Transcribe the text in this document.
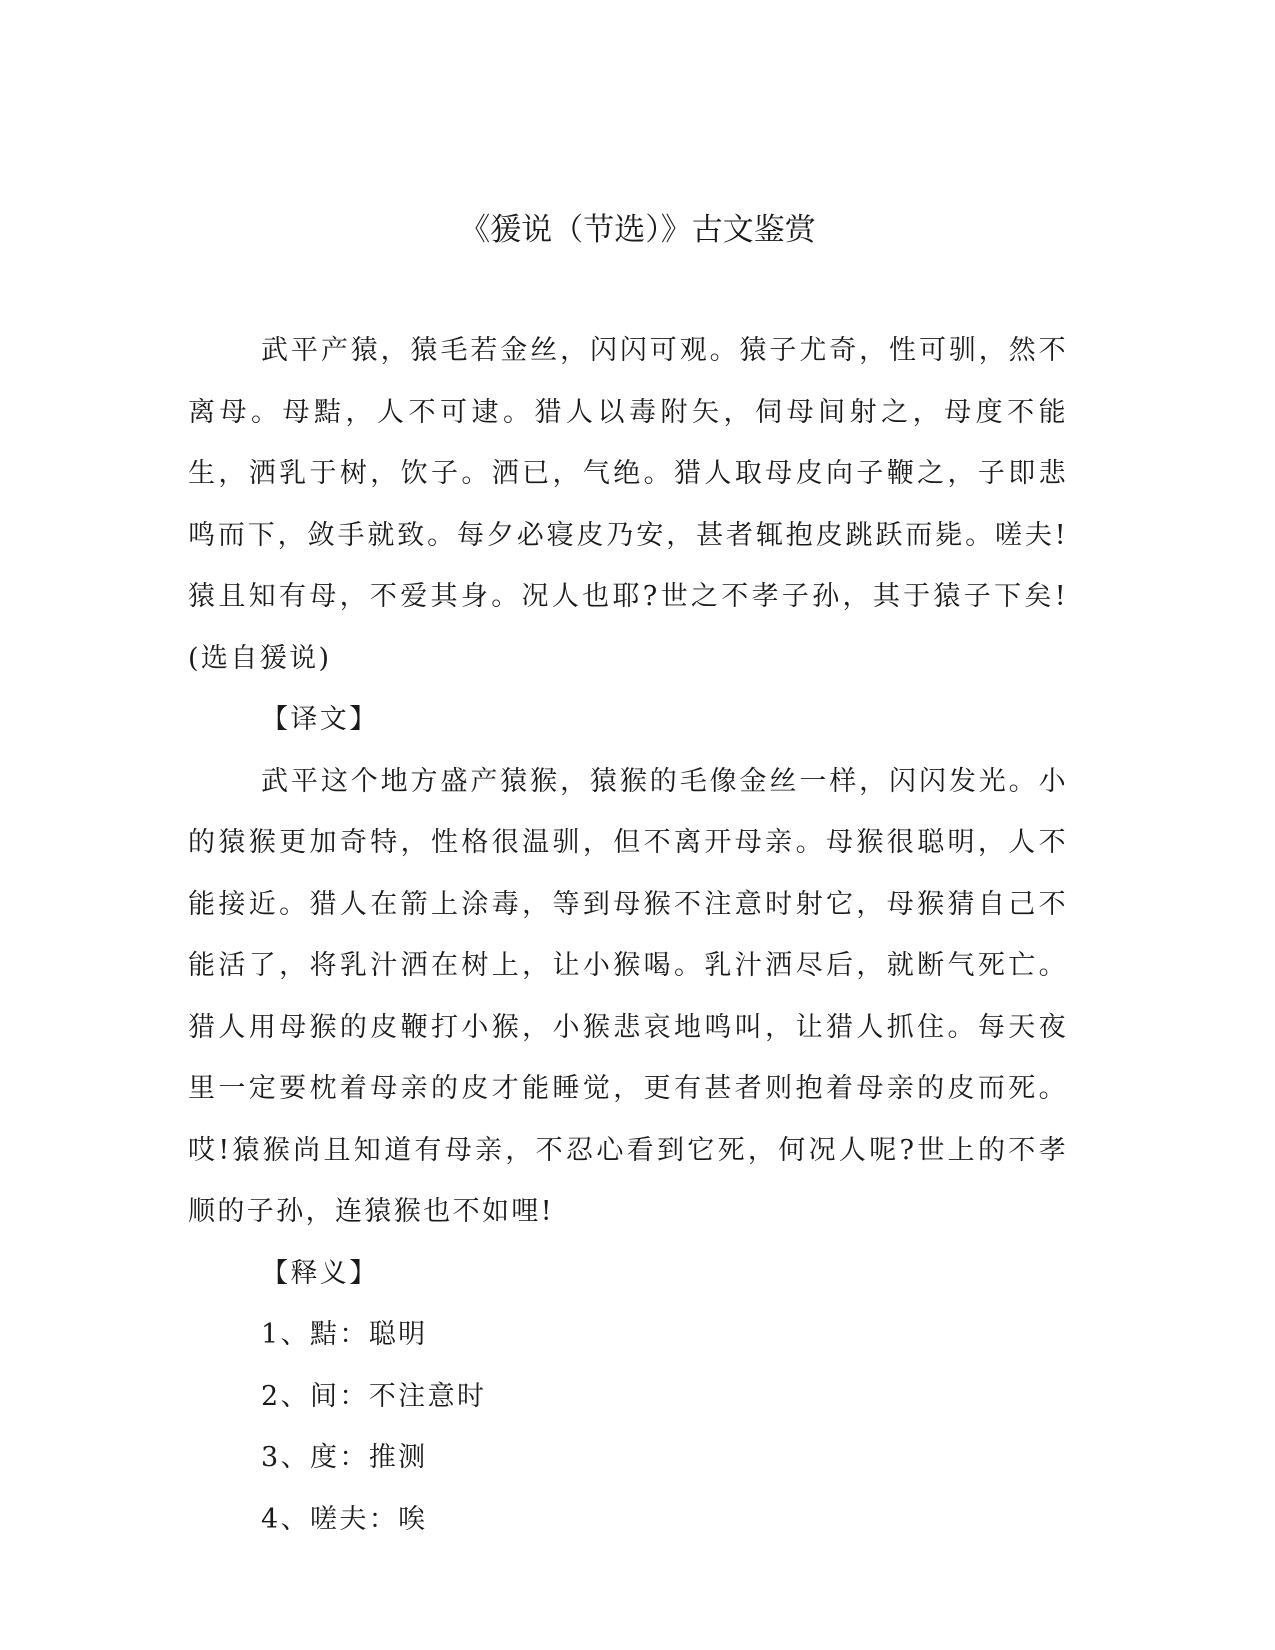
《猨说（节选）》古文鉴赏

武平产猿，猿毛若金丝，闪闪可观。猿子尤奇，性可驯，然不离母。母黠，人不可逮。猎人以毒附矢，伺母间射之，母度不能生，洒乳于树，饮子。洒已，气绝。猎人取母皮向子鞭之，子即悲鸣而下，敛手就致。每夕必寝皮乃安，甚者辄抱皮跳跃而毙。嗟夫!猿且知有母，不爱其身。况人也耶?世之不孝子孙，其于猿子下矣!(选自猨说)

【译文】

武平这个地方盛产猿猴，猿猴的毛像金丝一样，闪闪发光。小的猿猴更加奇特，性格很温驯，但不离开母亲。母猴很聪明，人不能接近。猎人在箭上涂毒，等到母猴不注意时射它，母猴猜自己不能活了，将乳汁洒在树上，让小猴喝。乳汁洒尽后，就断气死亡。猎人用母猴的皮鞭打小猴，小猴悲哀地鸣叫，让猎人抓住。每天夜里一定要枕着母亲的皮才能睡觉，更有甚者则抱着母亲的皮而死。哎!猿猴尚且知道有母亲，不忍心看到它死，何况人呢?世上的不孝顺的子孙，连猿猴也不如哩!

【释义】

1、黠：聪明

2、间：不注意时

3、度：推测

4、嗟夫：唉
